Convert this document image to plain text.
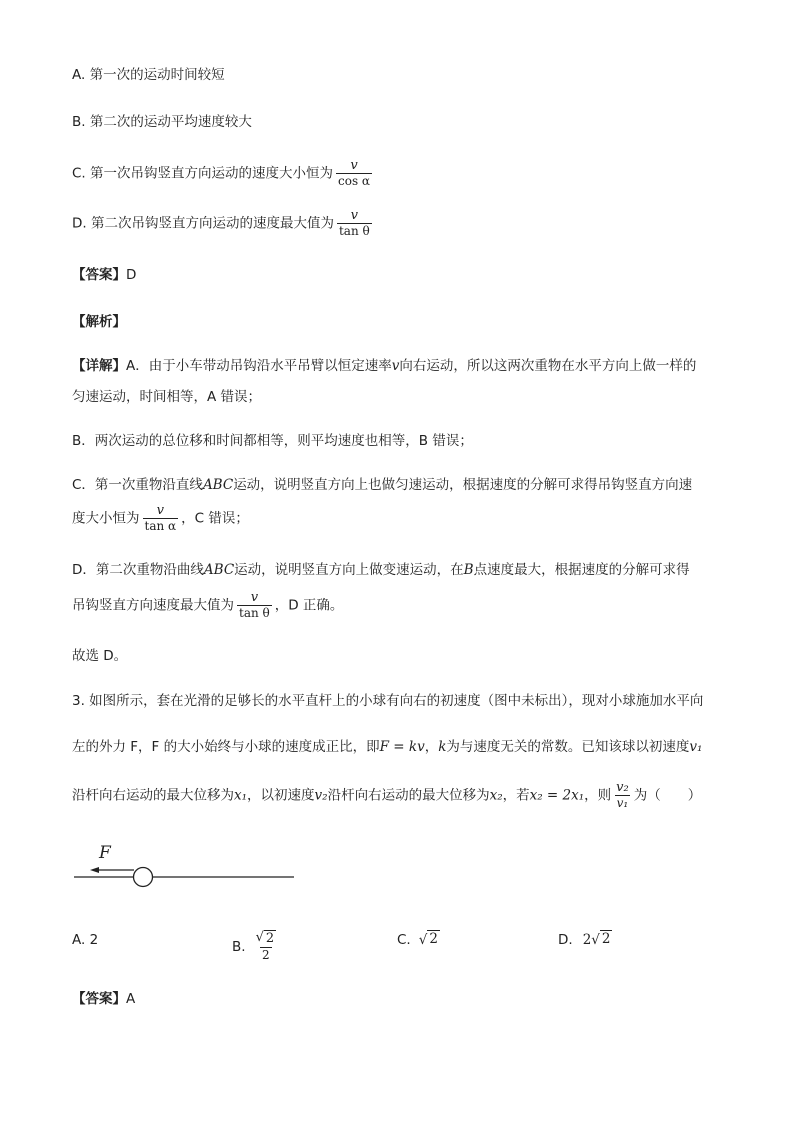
A. 第一次的运动时间较短
B. 第二次的运动平均速度较大
C. 第一次吊钩竖直方向运动的速度大小恒为 $\frac{v}{\text{cos α}}$
D. 第二次吊钩竖直方向运动的速度最大值为 $\frac{v}{\text{tan θ}}$
【答案】D
【解析】
【详解】A．由于小车带动吊钩沿水平吊臂以恒定速率v向右运动，所以这两次重物在水平方向上做一样的
匀速运动，时间相等，A 错误；
B．两次运动的总位移和时间都相等，则平均速度也相等，B 错误；
C．第一次重物沿直线ABC运动，说明竖直方向上也做匀速运动，根据速度的分解可求得吊钩竖直方向速
度大小恒为 $\frac{v}{\text{tan α}}$ ，C 错误；
D．第二次重物沿曲线ABC运动，说明竖直方向上做变速运动，在B点速度最大，根据速度的分解可求得
吊钩竖直方向速度最大值为 $\frac{v}{\text{tan θ}}$ ，D 正确。
故选 D。
3. 如图所示，套在光滑的足够长的水平直杆上的小球有向右的初速度（图中未标出），现对小球施加水平向
左的外力 F，F 的大小始终与小球的速度成正比，即F = kv，k为与速度无关的常数。已知该球以初速度v₁
沿杆向右运动的最大位移为x₁，以初速度v₂沿杆向右运动的最大位移为x₂，若x₂ = 2x₁，则 $\frac{\text{v₂}}{\text{v₁}}$ 为（　　）
F
A. 2	B. $\frac{√ 2}{2}$	C. √ 2	D. 2 √ 2
【答案】A
